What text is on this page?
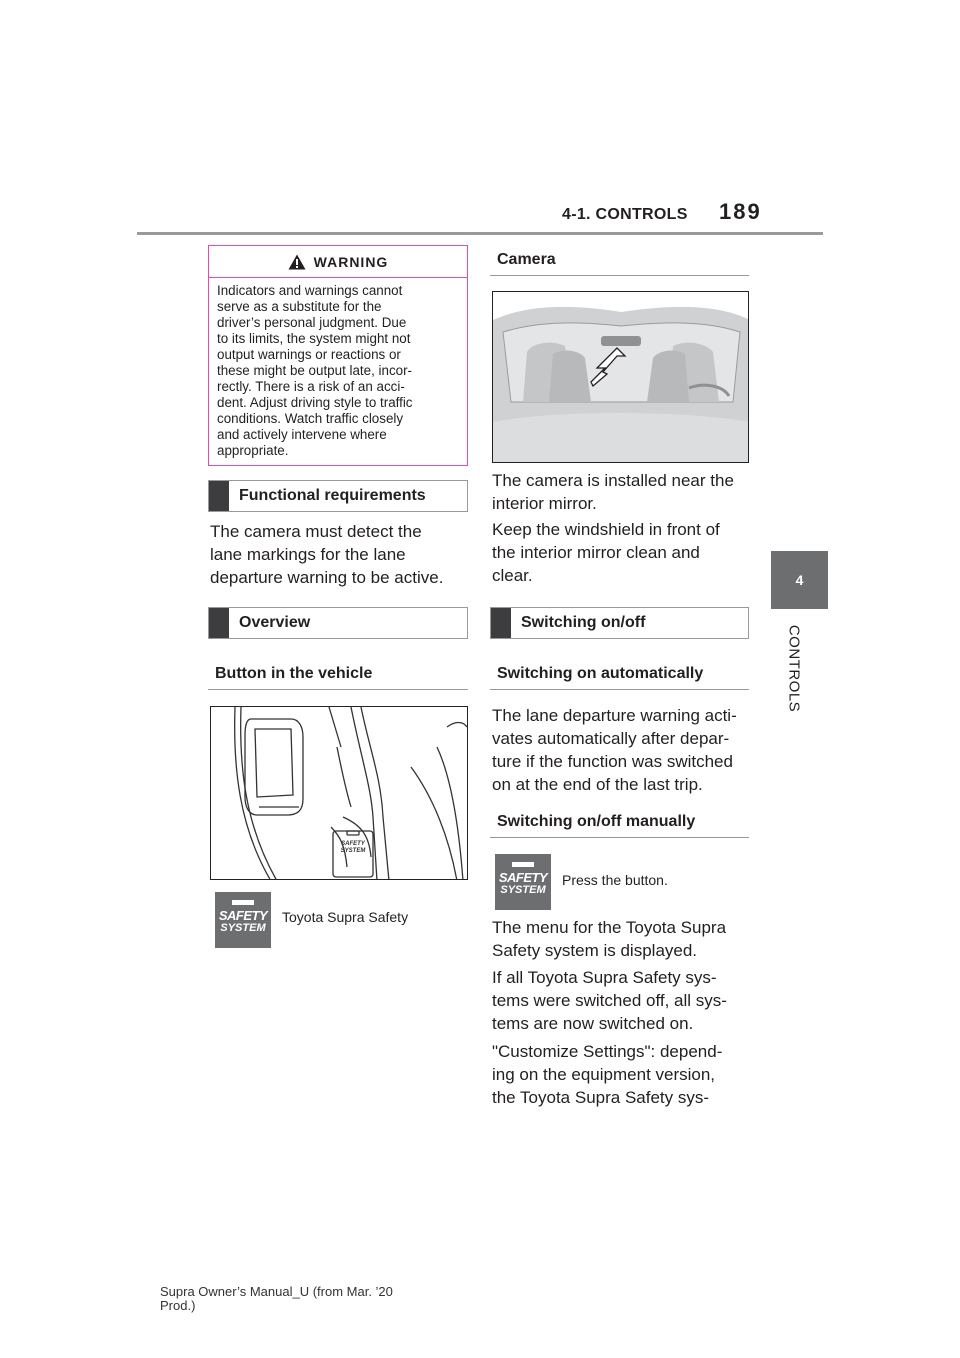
4-1. CONTROLS 189
4
CONTROLS
WARNING
Indicators and warnings cannot
serve as a substitute for the
driver’s personal judgment. Due
to its limits, the system might not
output warnings or reactions or
these might be output late, incor-
rectly. There is a risk of an acci-
dent. Adjust driving style to traffic
conditions. Watch traffic closely
and actively intervene where
appropriate.
Functional requirements
The camera must detect the
lane markings for the lane
departure warning to be active.
Overview
Button in the vehicle
SAFETY
SYSTEM
SAFETY
SYSTEM
Toyota Supra Safety
Camera
The camera is installed near the
interior mirror.
Keep the windshield in front of
the interior mirror clean and
clear.
Switching on/off
Switching on automatically
The lane departure warning acti-
vates automatically after depar-
ture if the function was switched
on at the end of the last trip.
Switching on/off manually
SAFETY
SYSTEM
Press the button.
The menu for the Toyota Supra
Safety system is displayed.
If all Toyota Supra Safety sys-
tems were switched off, all sys-
tems are now switched on.
"Customize Settings": depend-
ing on the equipment version,
the Toyota Supra Safety sys-
Supra Owner’s Manual_U (from Mar. ’20
Prod.)
